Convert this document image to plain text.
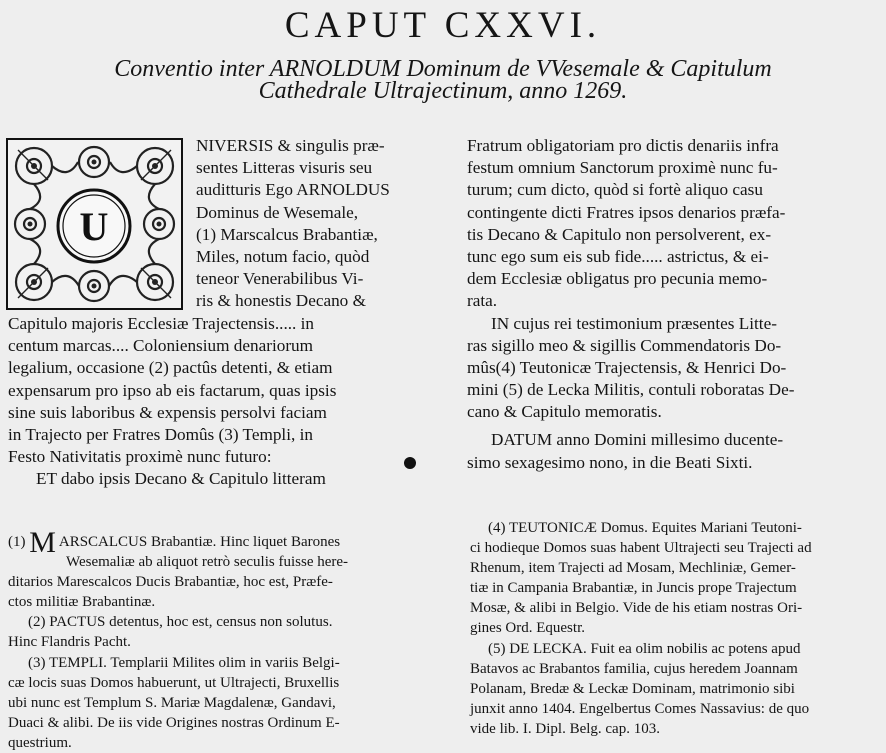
CAPUT CXXVI.
Conventio inter ARNOLDUM Dominum de VVesemale & Capitulum
Cathedrale Ultrajectinum, anno 1269.
U
NIVERSIS & singulis præ-
sentes Litteras visuris seu
auditturis Ego ARNOLDUS
Dominus de Wesemale,
(1) Marscalcus Brabantiæ,
Miles, notum facio, quòd
teneor Venerabilibus Vi-
ris & honestis Decano &
Capitulo majoris Ecclesiæ Trajectensis..... in
centum marcas.... Coloniensium denariorum
legalium, occasione (2) pactûs detenti, & etiam
expensarum pro ipso ab eis factarum, quas ipsis
sine suis laboribus & expensis persolvi faciam
in Trajecto per Fratres Domûs (3) Templi, in
Festo Nativitatis proximè nunc futuro:
ET dabo ipsis Decano & Capitulo litteram
Fratrum obligatoriam pro dictis denariis infra
festum omnium Sanctorum proximè nunc fu-
turum; cum dicto, quòd si fortè aliquo casu
contingente dicti Fratres ipsos denarios præfa-
tis Decano & Capitulo non persolverent, ex-
tunc ego sum eis sub fide..... astrictus, & ei-
dem Ecclesiæ obligatus pro pecunia memo-
rata.
IN cujus rei testimonium præsentes Litte-
ras sigillo meo & sigillis Commendatoris Do-
mûs(4) Teutonicæ Trajectensis, & Henrici Do-
mini (5) de Lecka Militis, contuli roboratas De-
cano & Capitulo memoratis.
DATUM anno Domini millesimo ducente-
simo sexagesimo nono, in die Beati Sixti.
(1) M ARSCALCUS Brabantiæ. Hinc liquet Barones
Wesemaliæ ab aliquot retrò seculis fuisse here-
ditarios Marescalcos Ducis Brabantiæ, hoc est, Præfe-
ctos militiæ Brabantinæ.
(2) PACTUS detentus, hoc est, census non solutus.
Hinc Flandris Pacht.
(3) TEMPLI. Templarii Milites olim in variis Belgi-
cæ locis suas Domos habuerunt, ut Ultrajecti, Bruxellis
ubi nunc est Templum S. Mariæ Magdalenæ, Gandavi,
Duaci & alibi. De iis vide Origines nostras Ordinum E-
questrium.
(4) TEUTONICÆ Domus. Equites Mariani Teutoni-
ci hodieque Domos suas habent Ultrajecti seu Trajecti ad
Rhenum, item Trajecti ad Mosam, Mechliniæ, Gemer-
tiæ in Campania Brabantiæ, in Juncis prope Trajectum
Mosæ, & alibi in Belgio. Vide de his etiam nostras Ori-
gines Ord. Equestr.
(5) DE LECKA. Fuit ea olim nobilis ac potens apud
Batavos ac Brabantos familia, cujus heredem Joannam
Polanam, Bredæ & Leckæ Dominam, matrimonio sibi
junxit anno 1404. Engelbertus Comes Nassavius: de quo
vide lib. I. Dipl. Belg. cap. 103.
